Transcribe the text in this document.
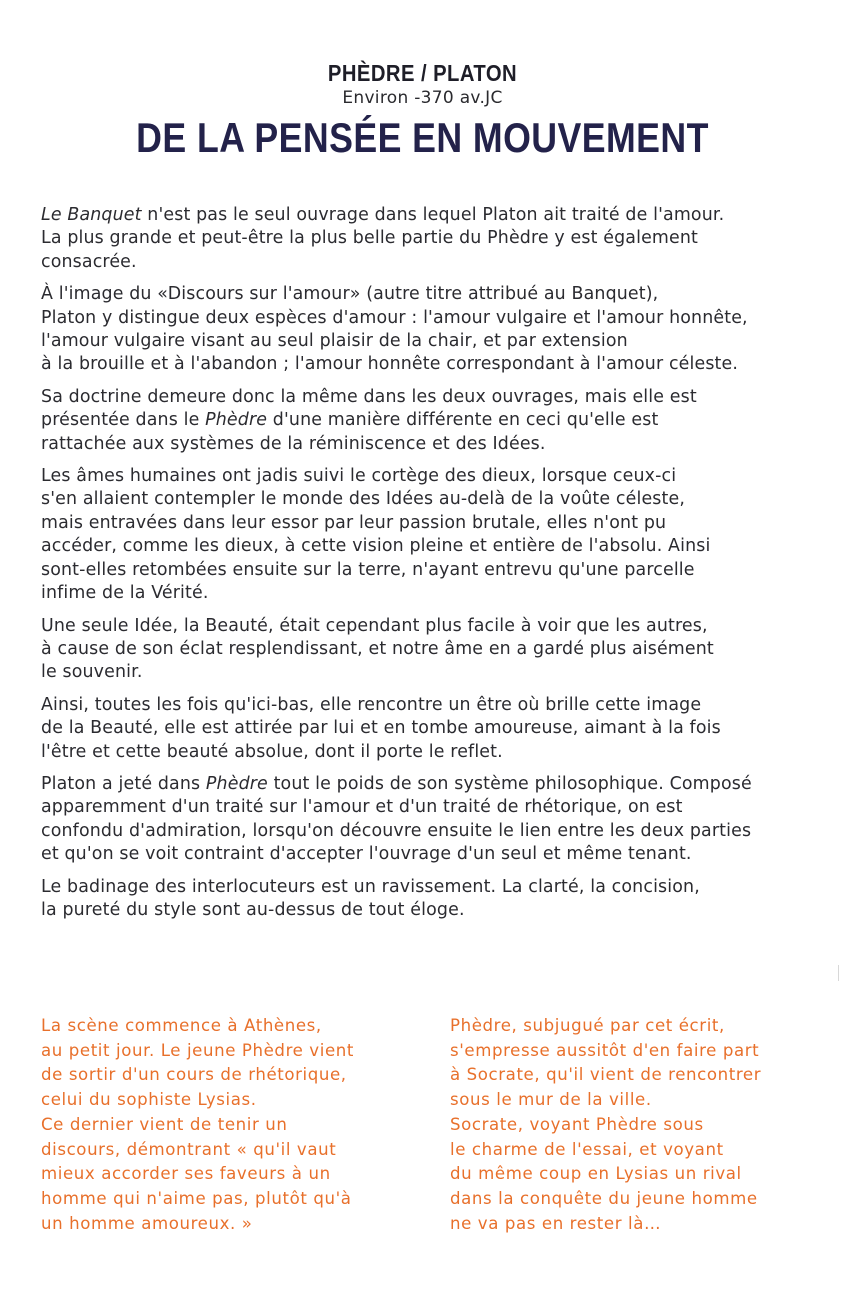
PHÈDRE / PLATON

Environ -370 av.JC

DE LA PENSÉE EN MOUVEMENT

Le Banquet n'est pas le seul ouvrage dans lequel Platon ait traité de l'amour.
La plus grande et peut-être la plus belle partie du Phèdre y est également
consacrée.

À l'image du «Discours sur l'amour» (autre titre attribué au Banquet),
Platon y distingue deux espèces d'amour : l'amour vulgaire et l'amour honnête,
l'amour vulgaire visant au seul plaisir de la chair, et par extension
à la brouille et à l'abandon ; l'amour honnête correspondant à l'amour céleste.

Sa doctrine demeure donc la même dans les deux ouvrages, mais elle est
présentée dans le Phèdre d'une manière différente en ceci qu'elle est
rattachée aux systèmes de la réminiscence et des Idées.

Les âmes humaines ont jadis suivi le cortège des dieux, lorsque ceux-ci
s'en allaient contempler le monde des Idées au-delà de la voûte céleste,
mais entravées dans leur essor par leur passion brutale, elles n'ont pu
accéder, comme les dieux, à cette vision pleine et entière de l'absolu. Ainsi
sont-elles retombées ensuite sur la terre, n'ayant entrevu qu'une parcelle
infime de la Vérité.

Une seule Idée, la Beauté, était cependant plus facile à voir que les autres,
à cause de son éclat resplendissant, et notre âme en a gardé plus aisément
le souvenir.

Ainsi, toutes les fois qu'ici-bas, elle rencontre un être où brille cette image
de la Beauté, elle est attirée par lui et en tombe amoureuse, aimant à la fois
l'être et cette beauté absolue, dont il porte le reflet.

Platon a jeté dans Phèdre tout le poids de son système philosophique. Composé
apparemment d'un traité sur l'amour et d'un traité de rhétorique, on est
confondu d'admiration, lorsqu'on découvre ensuite le lien entre les deux parties
et qu'on se voit contraint d'accepter l'ouvrage d'un seul et même tenant.

Le badinage des interlocuteurs est un ravissement. La clarté, la concision,
la pureté du style sont au-dessus de tout éloge.

La scène commence à Athènes,
au petit jour. Le jeune Phèdre vient
de sortir d'un cours de rhétorique,
celui du sophiste Lysias.
Ce dernier vient de tenir un
discours, démontrant « qu'il vaut
mieux accorder ses faveurs à un
homme qui n'aime pas, plutôt qu'à
un homme amoureux. »

Phèdre, subjugué par cet écrit,
s'empresse aussitôt d'en faire part
à Socrate, qu'il vient de rencontrer
sous le mur de la ville.
Socrate, voyant Phèdre sous
le charme de l'essai, et voyant
du même coup en Lysias un rival
dans la conquête du jeune homme
ne va pas en rester là…
